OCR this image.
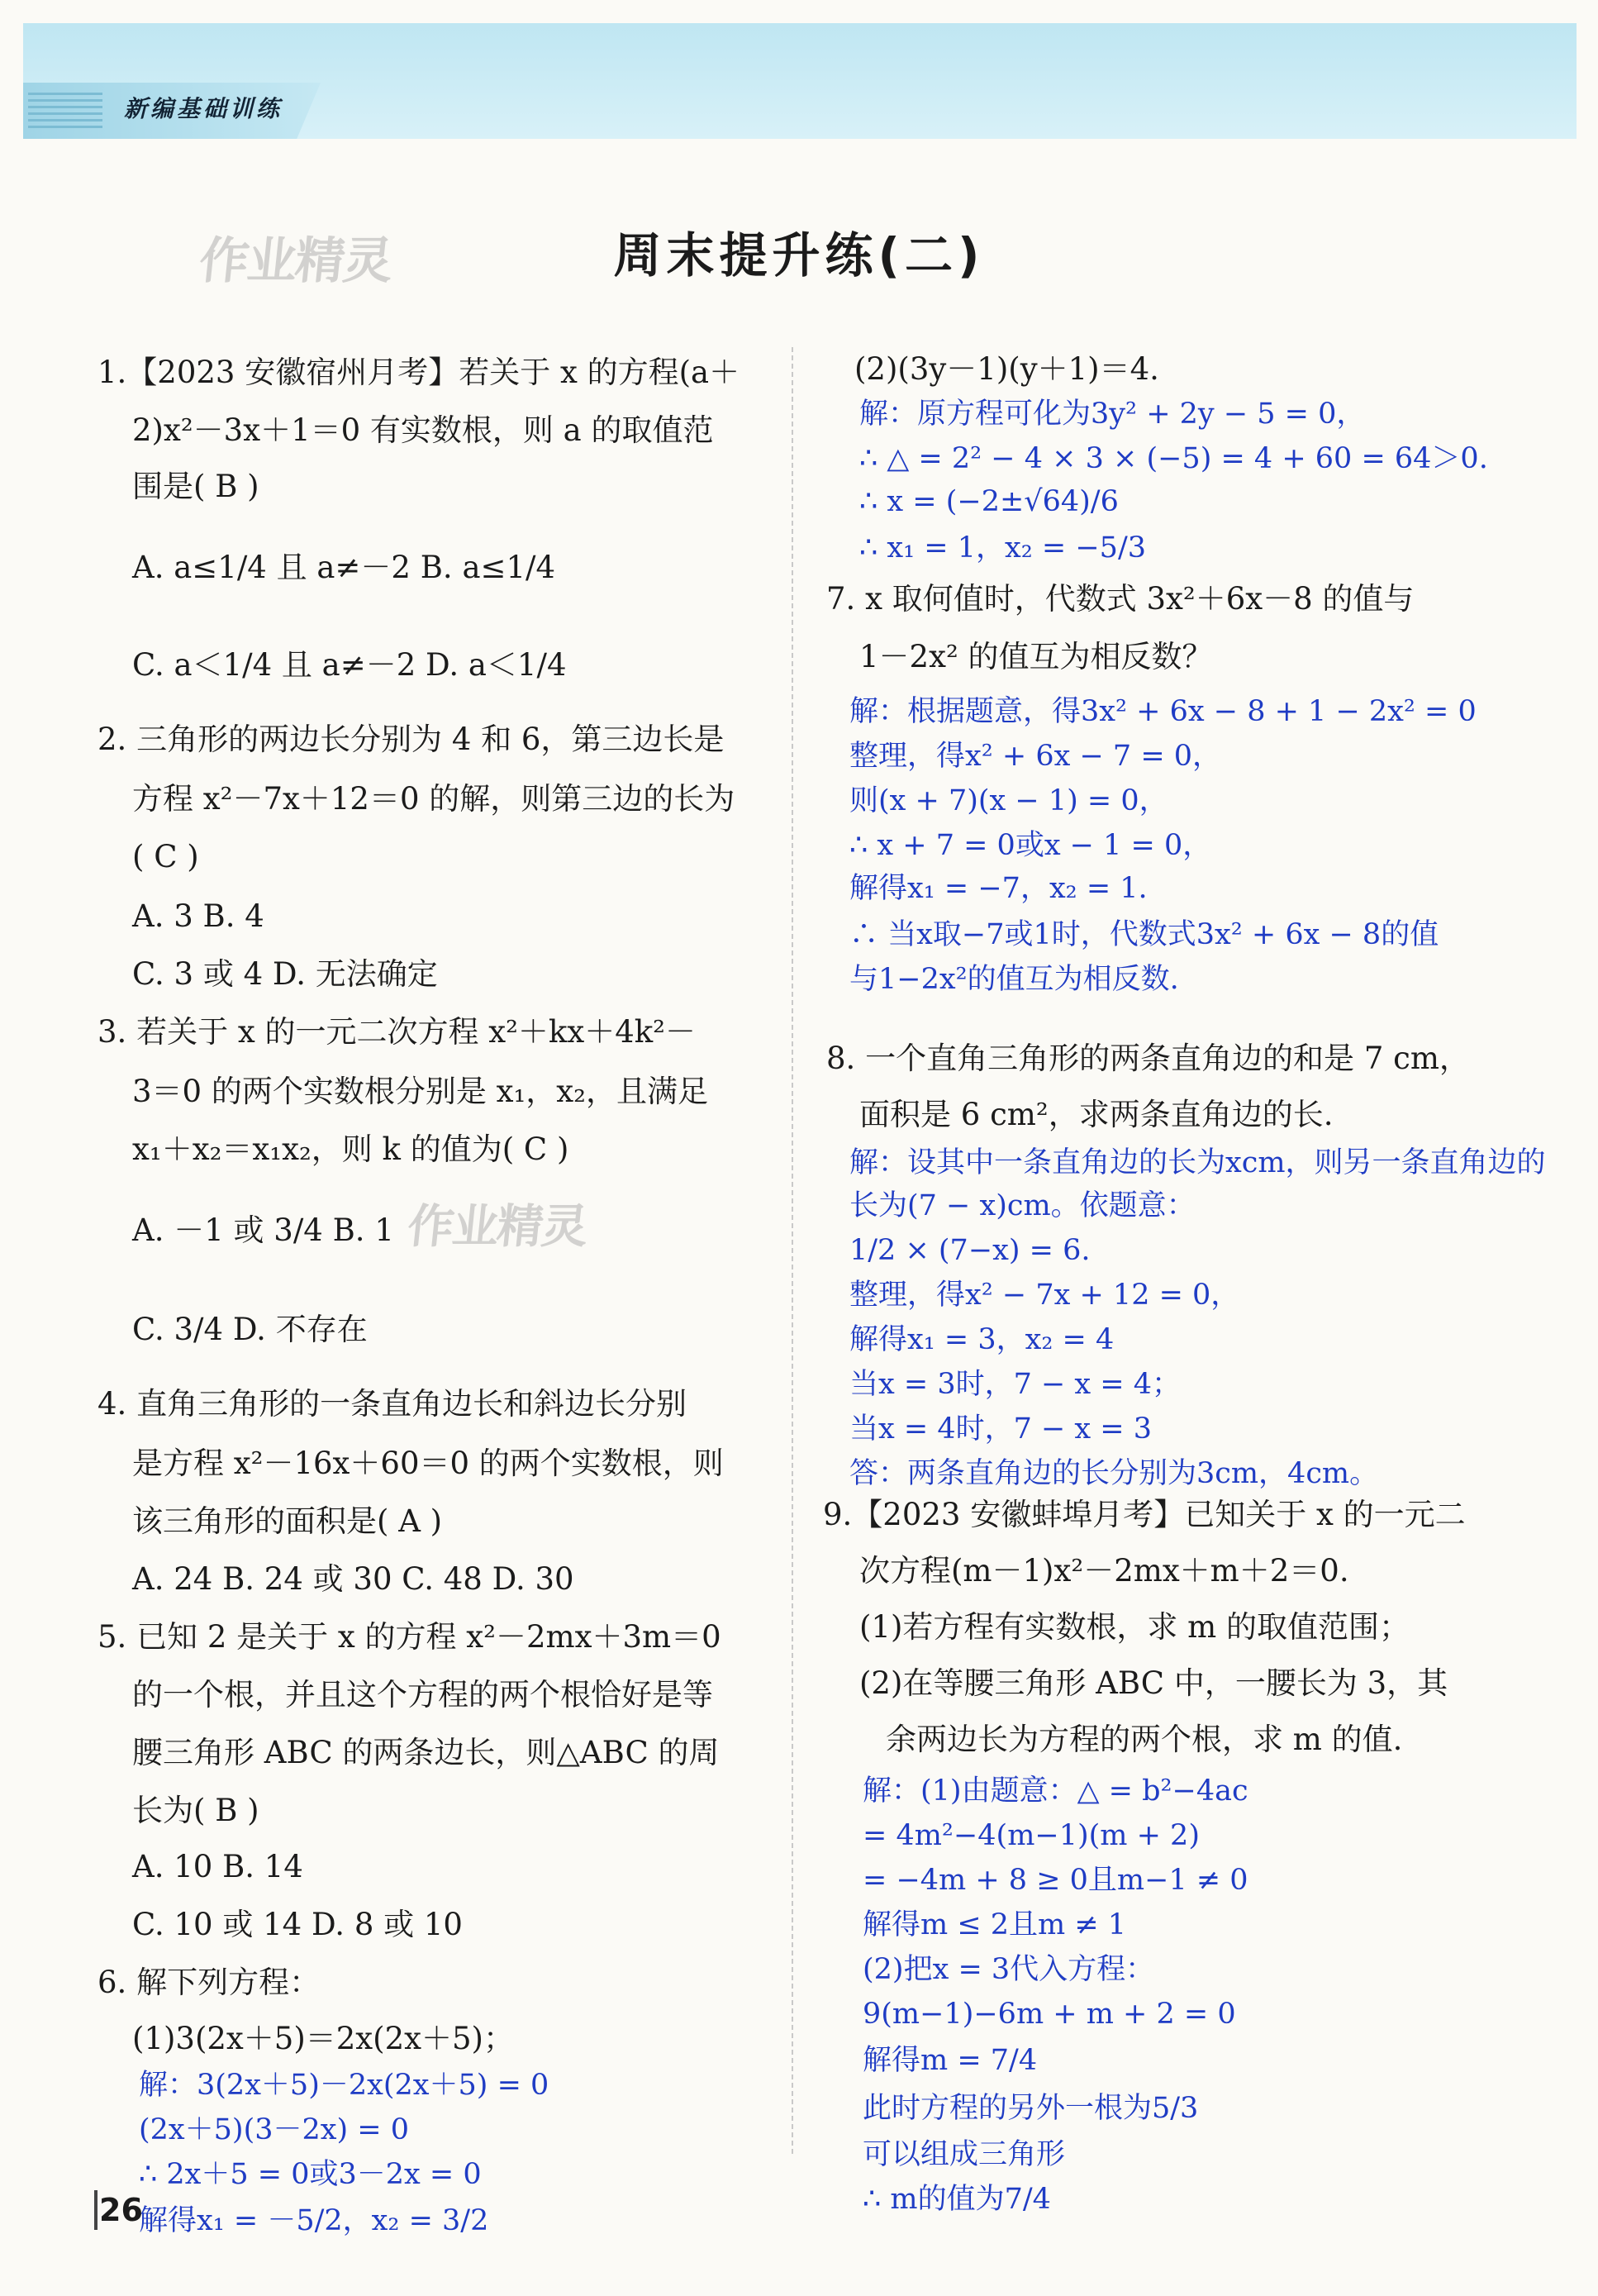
新编基础训练
作业精灵
作业精灵
周末提升练(二)
1.【2023 安徽宿州月考】若关于 x 的方程(a＋
2)x²－3x＋1＝0 有实数根，则 a 的取值范
围是( B )
A. a≤1/4 且 a≠－2 B. a≤1/4
C. a＜1/4 且 a≠－2 D. a＜1/4
2. 三角形的两边长分别为 4 和 6，第三边长是
方程 x²－7x＋12＝0 的解，则第三边的长为
( C )
A. 3 B. 4
C. 3 或 4 D. 无法确定
3. 若关于 x 的一元二次方程 x²＋kx＋4k²－
3＝0 的两个实数根分别是 x₁，x₂，且满足
x₁＋x₂＝x₁x₂，则 k 的值为( C )
A. －1 或 3/4 B. 1
C. 3/4 D. 不存在
4. 直角三角形的一条直角边长和斜边长分别
是方程 x²－16x＋60＝0 的两个实数根，则
该三角形的面积是( A )
A. 24 B. 24 或 30 C. 48 D. 30
5. 已知 2 是关于 x 的方程 x²－2mx＋3m＝0
的一个根，并且这个方程的两个根恰好是等
腰三角形 ABC 的两条边长，则△ABC 的周
长为( B )
A. 10 B. 14
C. 10 或 14 D. 8 或 10
6. 解下列方程：
(1)3(2x＋5)＝2x(2x＋5)；
解：3(2x＋5)－2x(2x＋5) = 0
(2x＋5)(3－2x) = 0
∴ 2x＋5 = 0或3－2x = 0
解得x₁ = －5/2，x₂ = 3/2
(2)(3y－1)(y＋1)＝4.
解：原方程可化为3y² + 2y − 5 = 0，
∴ △ = 2² − 4 × 3 × (−5) = 4 + 60 = 64＞0.
∴ x = (−2±√64)/6
∴ x₁ = 1，x₂ = −5/3
7. x 取何值时，代数式 3x²＋6x－8 的值与
1－2x² 的值互为相反数？
解：根据题意，得3x² + 6x − 8 + 1 − 2x² = 0
整理，得x² + 6x − 7 = 0，
则(x + 7)(x − 1) = 0，
∴ x + 7 = 0或x − 1 = 0，
解得x₁ = −7，x₂ = 1.
∴ 当x取−7或1时，代数式3x² + 6x − 8的值
与1−2x²的值互为相反数.
8. 一个直角三角形的两条直角边的和是 7 cm，
面积是 6 cm²，求两条直角边的长.
解：设其中一条直角边的长为xcm，则另一条直角边的
长为(7 − x)cm。依题意：
1/2 × (7−x) = 6.
整理，得x² − 7x + 12 = 0，
解得x₁ = 3，x₂ = 4
当x = 3时，7 − x = 4；
当x = 4时，7 − x = 3
答：两条直角边的长分别为3cm，4cm。
9.【2023 安徽蚌埠月考】已知关于 x 的一元二
次方程(m－1)x²－2mx＋m＋2＝0.
(1)若方程有实数根，求 m 的取值范围；
(2)在等腰三角形 ABC 中，一腰长为 3，其
余两边长为方程的两个根，求 m 的值.
解：(1)由题意：△ = b²−4ac
= 4m²−4(m−1)(m + 2)
= −4m + 8 ≥ 0且m−1 ≠ 0
解得m ≤ 2且m ≠ 1
(2)把x = 3代入方程：
9(m−1)−6m + m + 2 = 0
解得m = 7/4
此时方程的另外一根为5/3
可以组成三角形
∴ m的值为7/4
26
